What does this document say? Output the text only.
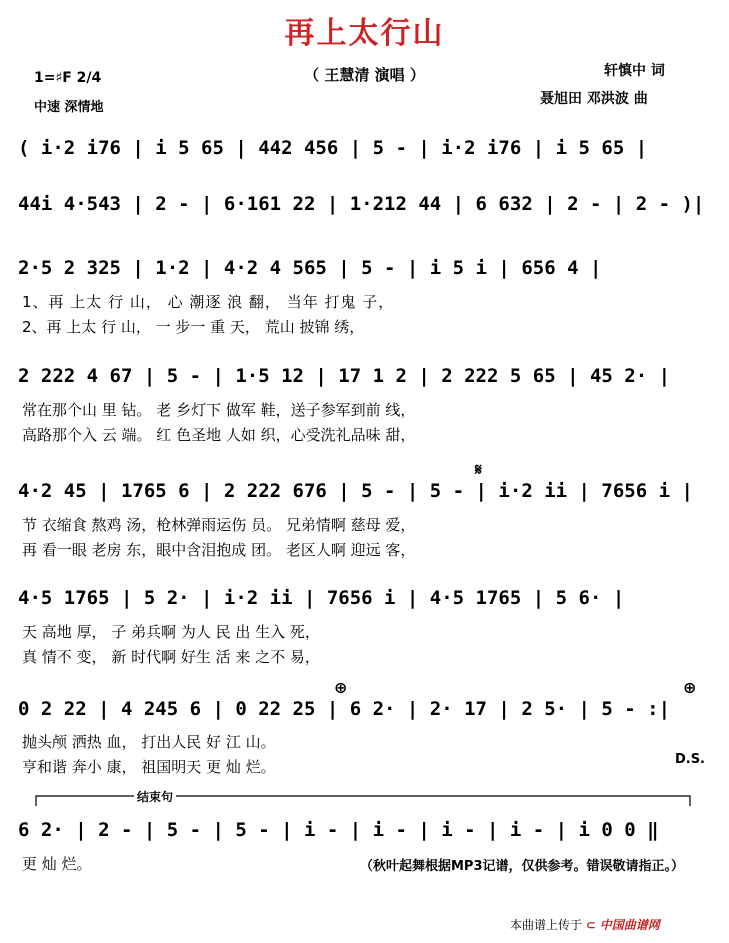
再上太行山
（ 王慧清 演唱 ）
1=♯F 2/4
中速 深情地
轩慎中 词
聂旭田 邓洪波 曲
( i·2 i76 | i 5 65 | 442 456 | 5 - | i·2 i76 | i 5 65 |
44i 4·543 | 2 - | 6·161 22 | 1·212 44 | 6 632 | 2 - | 2 - )|
2·5 2 325 | 1·2 | 4·2 4 565 | 5 - | i 5 i | 656 4 |
1、再 上太 行 山， 心 潮逐 浪 翻， 当年 打鬼 子，
2、再 上太 行 山， 一 步一 重 天， 荒山 披锦 绣，
2 222 4 67 | 5 - | 1·5 12 | 17 1 2 | 2 222 5 65 | 45 2· |
常在那个山 里 钻。 老 乡灯下 做军 鞋，送子参军到前 线，
高路那个入 云 端。 红 色圣地 人如 织，心受洗礼品味 甜，
4·2 45 | 1765 6 | 2 222 676 | 5 - | 5 - | i·2 ii | 7656 i |
节 衣缩食 熬鸡 汤，枪林弹雨运伤 员。 兄弟情啊 慈母 爱，
再 看一眼 老房 东，眼中含泪抱成 团。 老区人啊 迎远 客，
4·5 1765 | 5 2· | i·2 ii | 7656 i | 4·5 1765 | 5 6· |
天 高地 厚， 子 弟兵啊 为人 民 出 生入 死，
真 情不 变， 新 时代啊 好生 活 来 之不 易，
0 2 22 | 4 245 6 | 0 22 25 | 6 2· | 2· 17 | 2 5· | 5 - :|
抛头颅 洒热 血， 打出人民 好 江 山。
亨和谐 奔小 康， 祖国明天 更 灿 烂。	D.S.
结束句
6 2· | 2 - | 5 - | 5 - | i - | i - | i - | i - | i 0 0 ‖
更 灿 烂。	（秋叶起舞根据MP3记谱，仅供参考。错误敬请指正。）
𝄋
⊕	⊕
本曲谱上传于 ⊂ 中国曲谱网
